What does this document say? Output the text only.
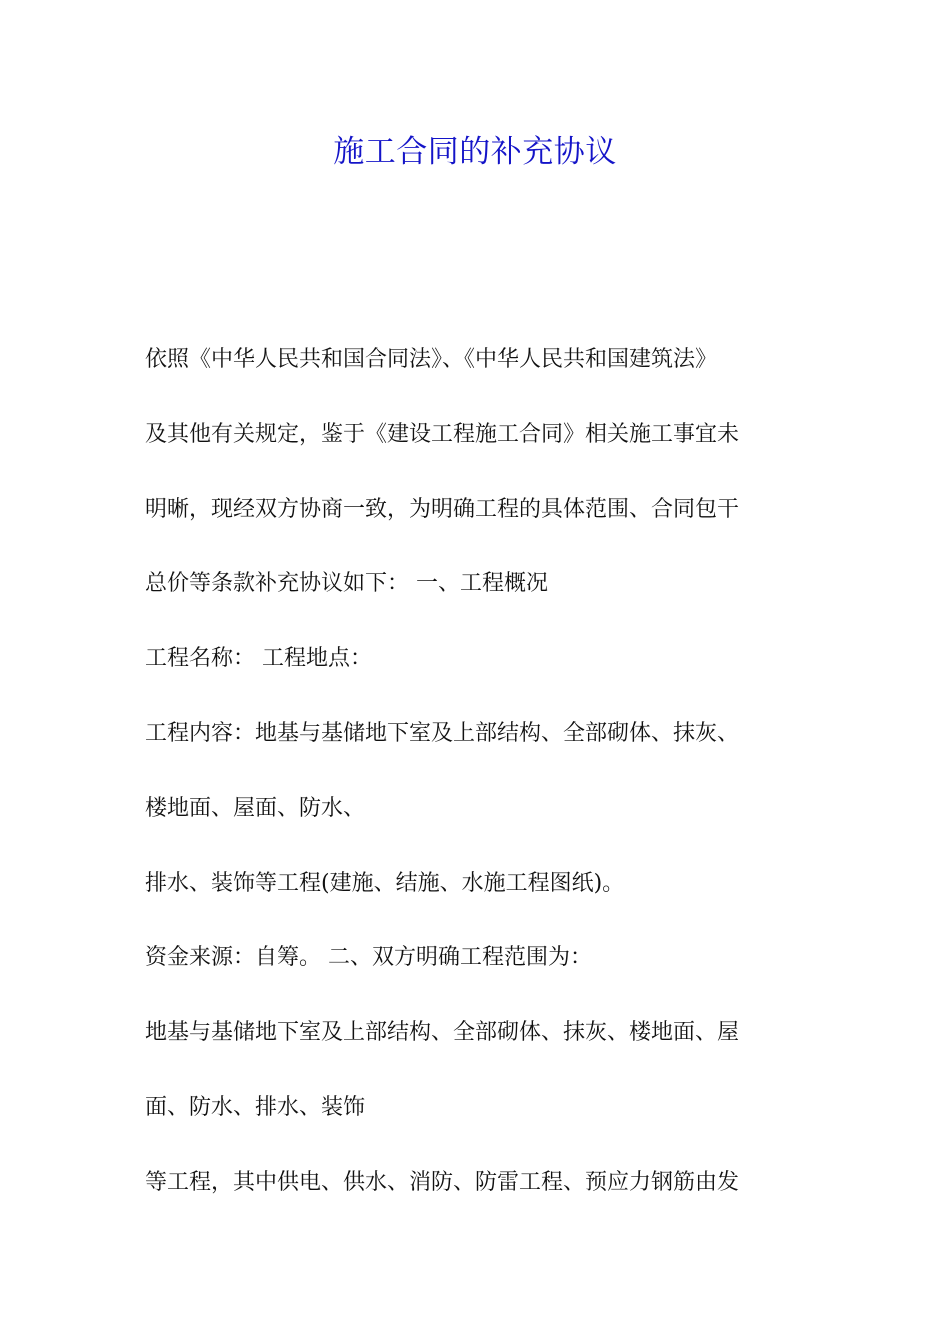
施工合同的补充协议
依照《中华人民共和国合同法》、《中华人民共和国建筑法》
及其他有关规定，鉴于《建设工程施工合同》相关施工事宜未
明晰，现经双方协商一致，为明确工程的具体范围、合同包干
总价等条款补充协议如下： 一、工程概况
工程名称： 工程地点：
工程内容：地基与基储地下室及上部结构、全部砌体、抹灰、
楼地面、屋面、防水、
排水、装饰等工程(建施、结施、水施工程图纸)。
资金来源：自筹。 二、双方明确工程范围为：
地基与基储地下室及上部结构、全部砌体、抹灰、楼地面、屋
面、防水、排水、装饰
等工程，其中供电、供水、消防、防雷工程、预应力钢筋由发
